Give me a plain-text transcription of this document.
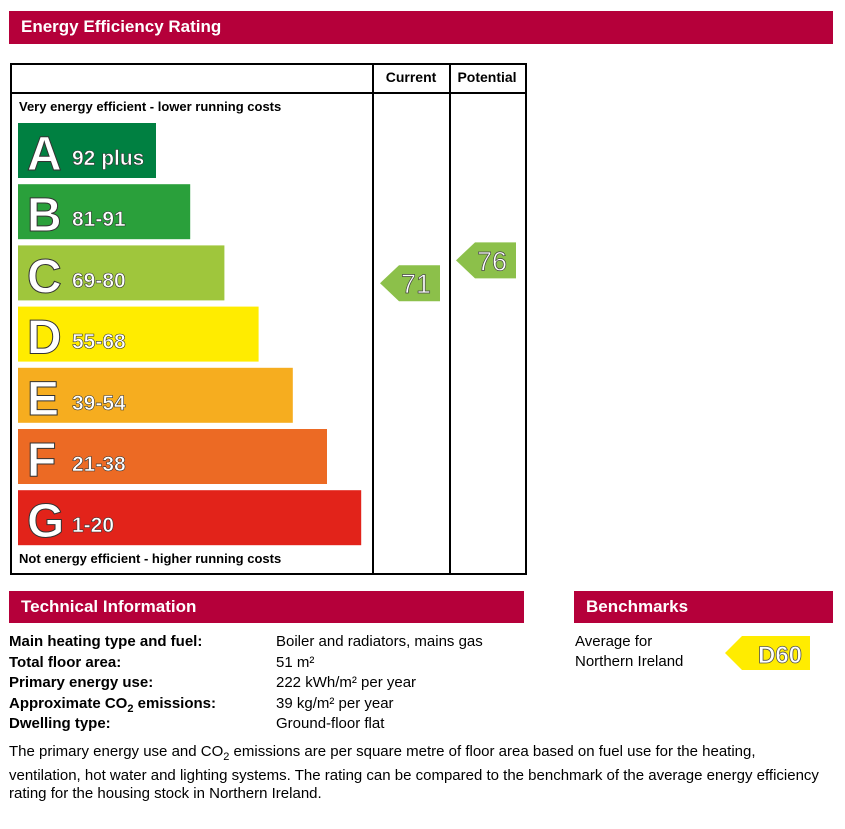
Energy Efficiency Rating
Current Potential
Very energy efficient - lower running costs
Not energy efficient - higher running costs
A 92 plus
B 81-91
C 69-80
D 55-68
E 39-54
F 21-38
G 1-20
71
76
Technical Information
Main heating type and fuel:	Boiler and radiators, mains gas
Total floor area:	51 m²
Primary energy use:	222 kWh/m² per year
Approximate $CO_2$ emissions:	39 kg/m² per year
Dwelling type:	Ground-floor flat
Benchmarks
Average for
Northern Ireland	D60
The primary energy use and $CO_2$ emissions are per square metre of floor area based on fuel use for the heating, ventilation, hot water and lighting systems. The rating can be compared to the benchmark of the average energy efficiency rating for the housing stock in Northern Ireland.
